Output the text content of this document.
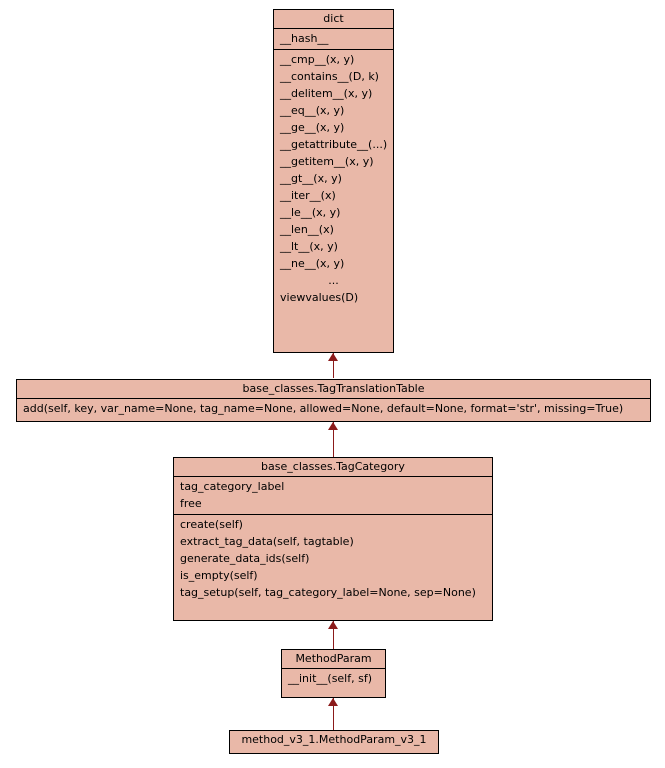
dict
__hash__
__cmp__(x, y)
__contains__(D, k)
__delitem__(x, y)
__eq__(x, y)
__ge__(x, y)
__getattribute__(...)
__getitem__(x, y)
__gt__(x, y)
__iter__(x)
__le__(x, y)
__len__(x)
__lt__(x, y)
__ne__(x, y)
...
viewvalues(D)
base_classes.TagTranslationTable
add(self, key, var_name=None, tag_name=None, allowed=None, default=None, format='str', missing=True)
base_classes.TagCategory
tag_category_label
free
create(self)
extract_tag_data(self, tagtable)
generate_data_ids(self)
is_empty(self)
tag_setup(self, tag_category_label=None, sep=None)
MethodParam
__init__(self, sf)
method_v3_1.MethodParam_v3_1
